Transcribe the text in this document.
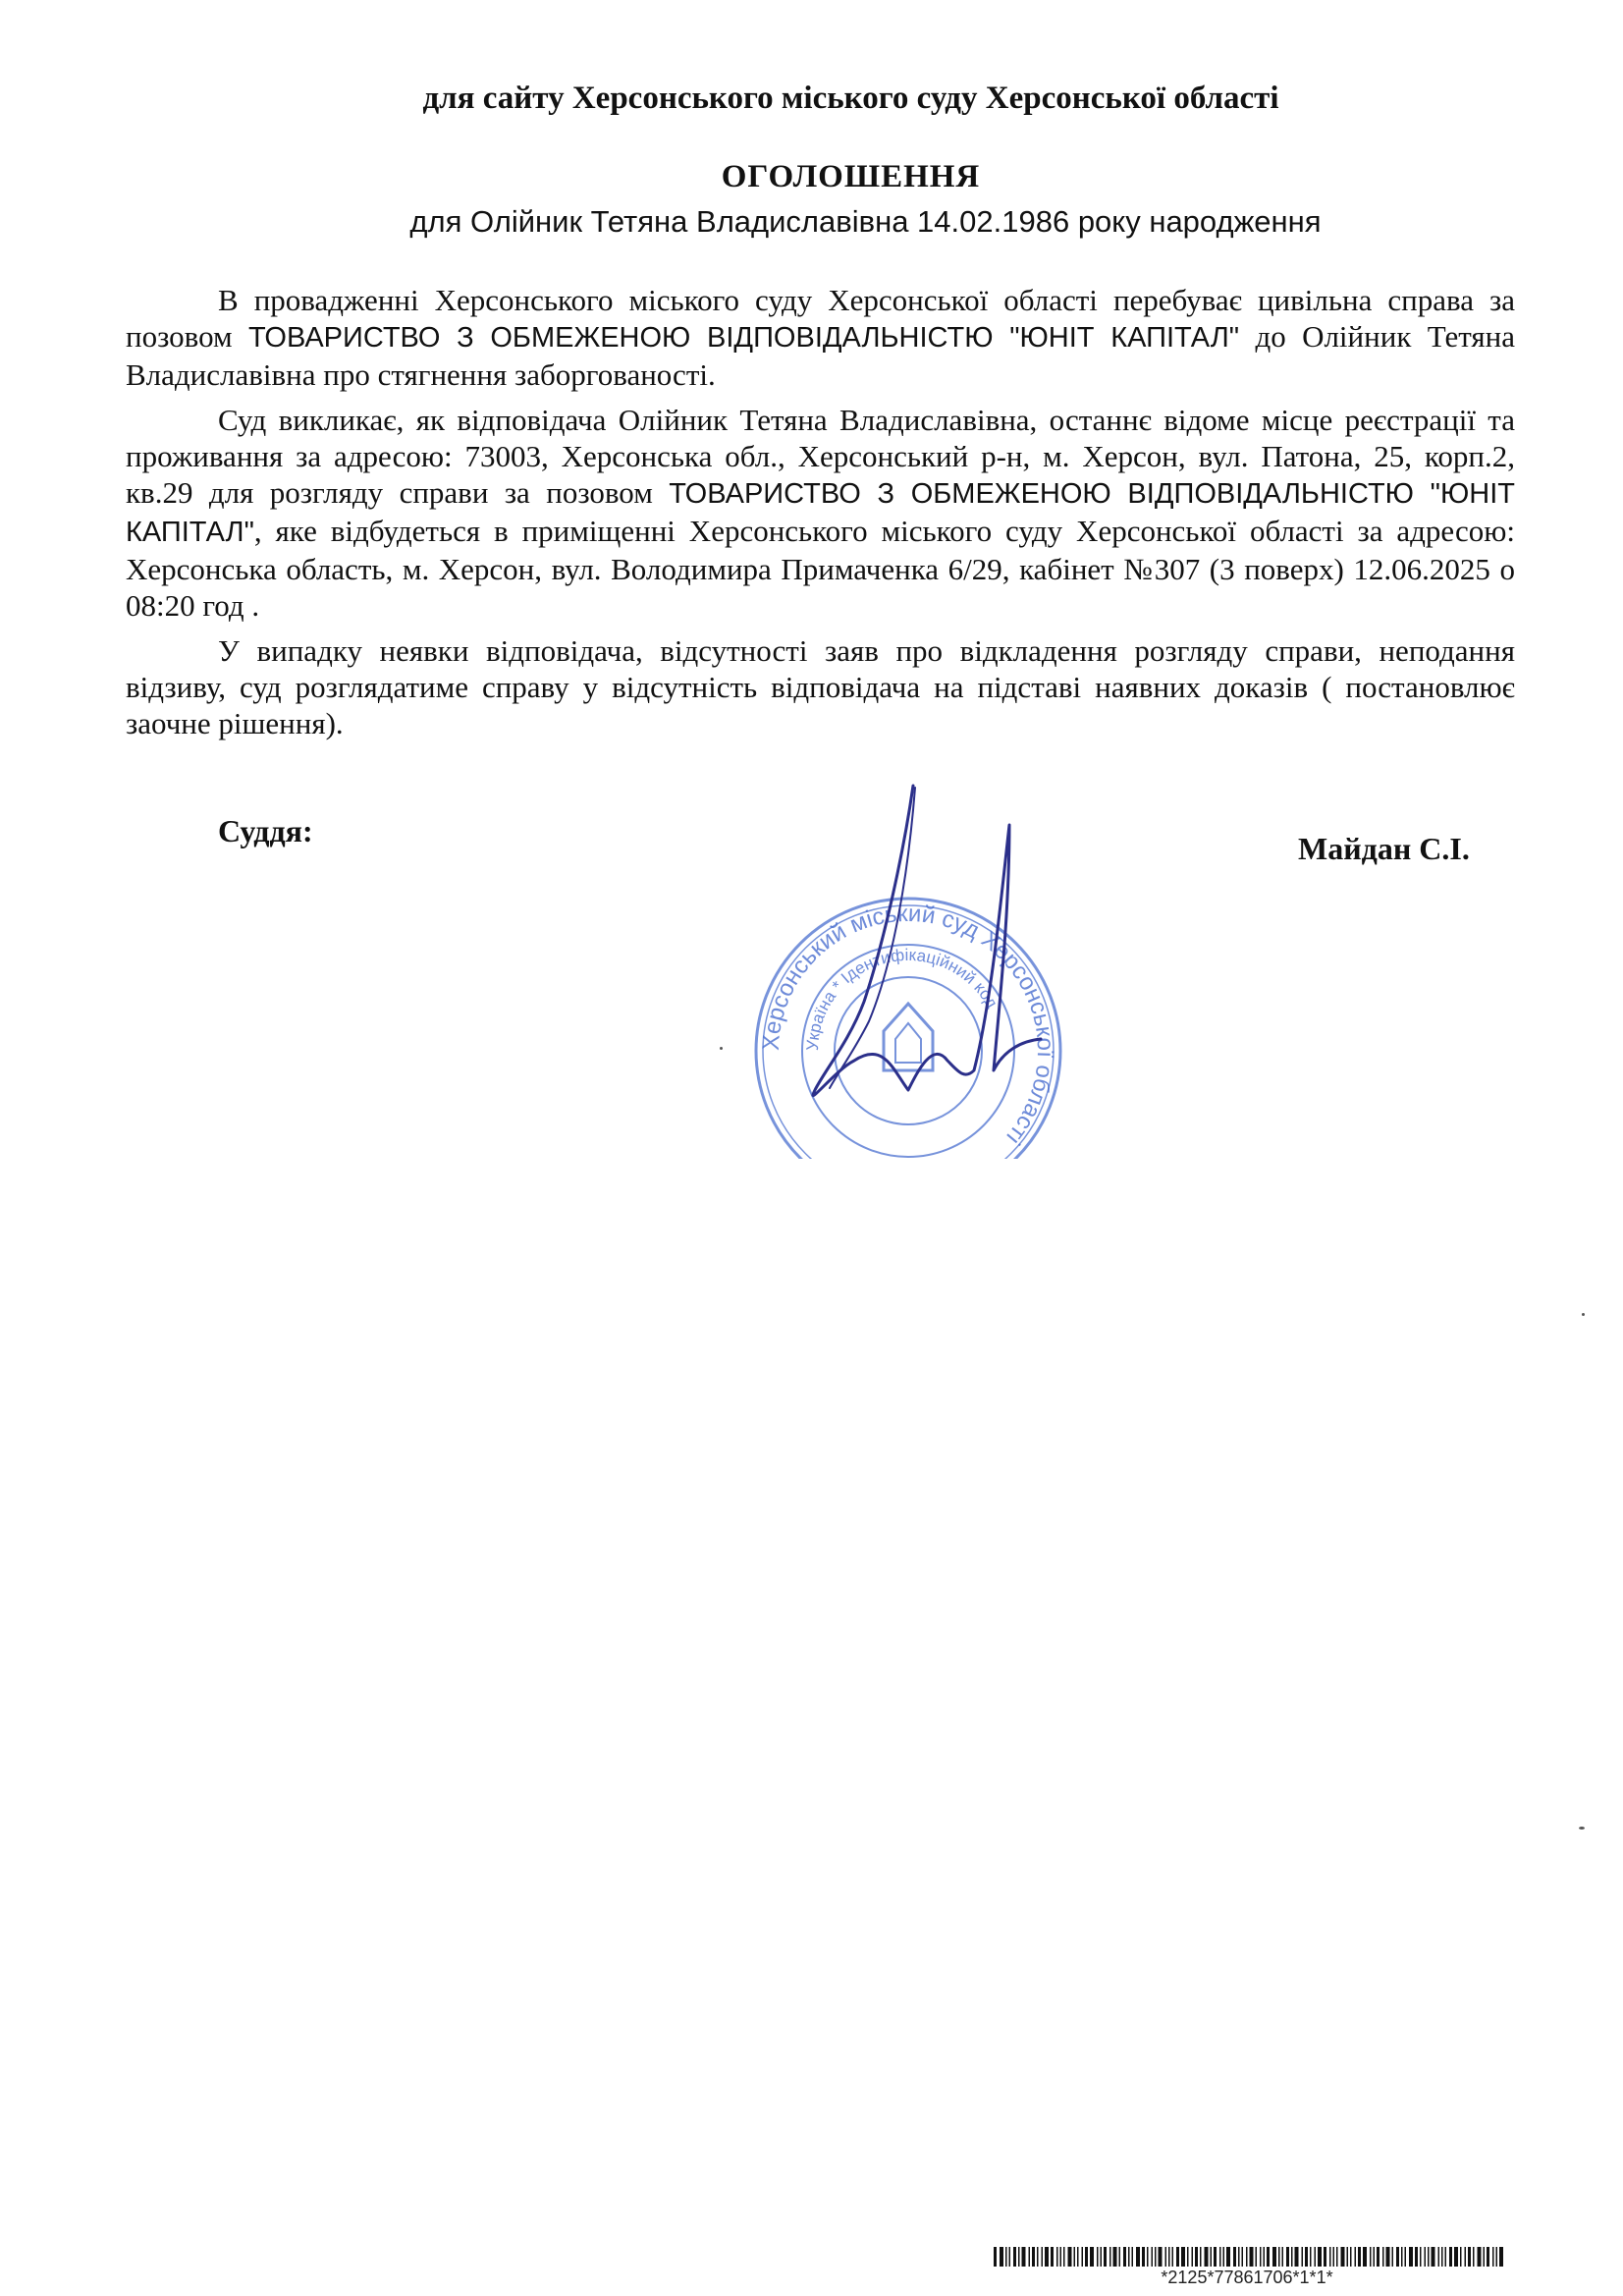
для сайту Херсонського міського суду Херсонської області
ОГОЛОШЕННЯ
для Олійник Тетяна Владиславівна 14.02.1986 року народження

В провадженні Херсонського міського суду Херсонської області перебуває цивільна справа за позовом ТОВАРИСТВО З ОБМЕЖЕНОЮ ВІДПОВІДАЛЬНІСТЮ "ЮНІТ КАПІТАЛ" до Олійник Тетяна Владиславівна про стягнення заборгованості.

Суд викликає, як відповідача Олійник Тетяна Владиславівна, останнє відоме місце реєстрації та проживання за адресою: 73003, Херсонська обл., Херсонський р-н, м. Херсон, вул. Патона, 25, корп.2, кв.29 для розгляду справи за позовом ТОВАРИСТВО З ОБМЕЖЕНОЮ ВІДПОВІДАЛЬНІСТЮ "ЮНІТ КАПІТАЛ", яке відбудеться в приміщенні Херсонського міського суду Херсонської області за адресою: Херсонська область, м. Херсон, вул. Володимира Примаченка 6/29, кабінет №307 (3 поверх) 12.06.2025 о 08:20 год .

У випадку неявки відповідача, відсутності заяв про відкладення розгляду справи, неподання відзиву, суд розглядатиме справу у відсутність відповідача на підставі наявних доказів ( постановлює заочне рішення).

Суддя:	Майдан С.І.
Херсонський міський суд Херсонської області
Україна * Ідентифікаційний код
*2125*77861706*1*1*
